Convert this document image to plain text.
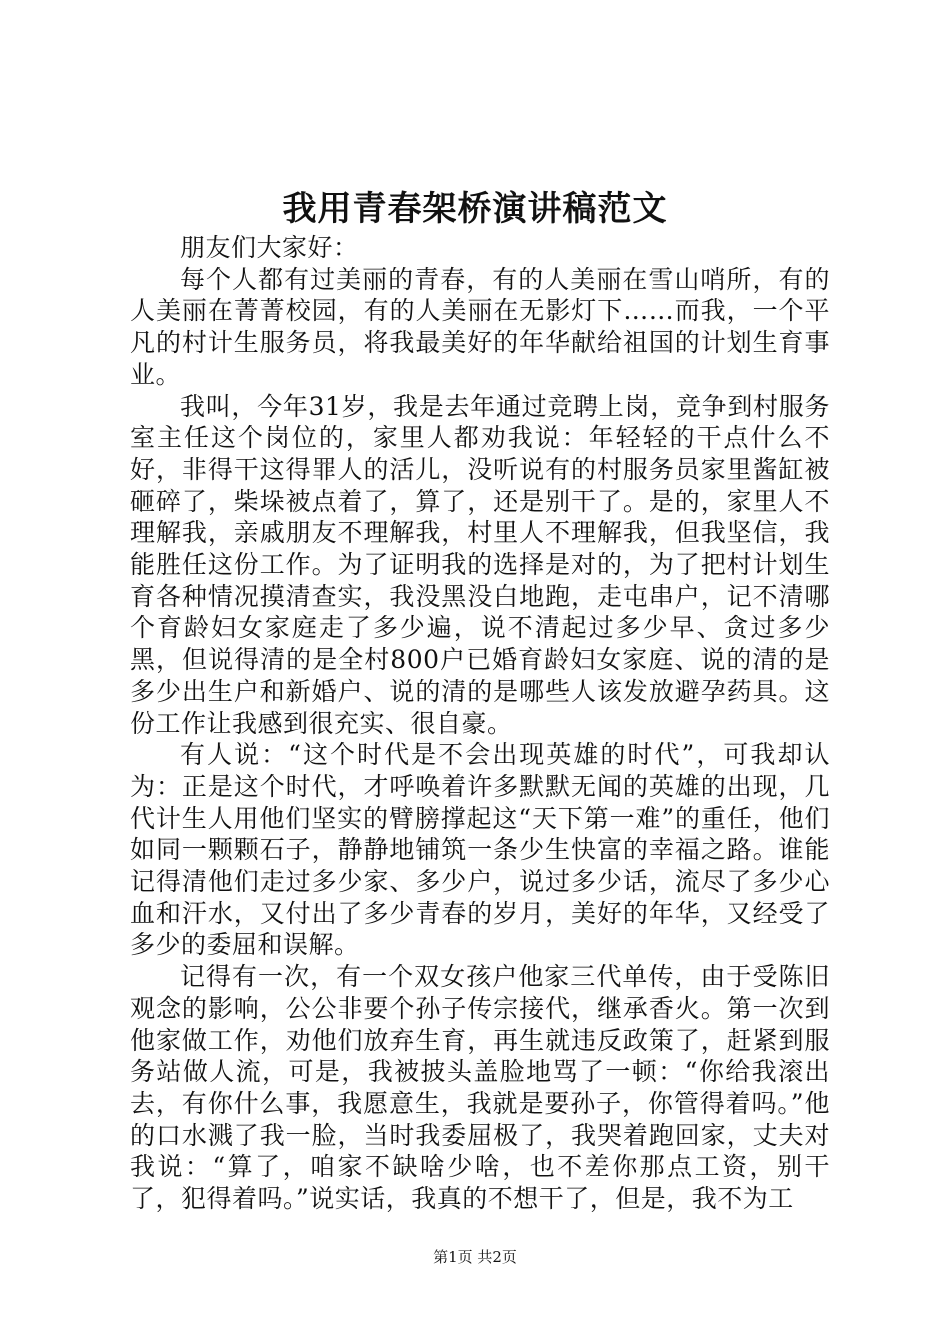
我用青春架桥演讲稿范文

朋友们大家好：

每个人都有过美丽的青春，有的人美丽在雪山哨所，有的人美丽在菁菁校园，有的人美丽在无影灯下……而我，一个平凡的村计生服务员，将我最美好的年华献给祖国的计划生育事业。

我叫，今年31岁，我是去年通过竞聘上岗，竞争到村服务室主任这个岗位的，家里人都劝我说：年轻轻的干点什么不好，非得干这得罪人的活儿，没听说有的村服务员家里酱缸被砸碎了，柴垛被点着了，算了，还是别干了。是的，家里人不理解我，亲戚朋友不理解我，村里人不理解我，但我坚信，我能胜任这份工作。为了证明我的选择是对的，为了把村计划生育各种情况摸清查实，我没黑没白地跑，走屯串户，记不清哪个育龄妇女家庭走了多少遍，说不清起过多少早、贪过多少黑，但说得清的是全村800户已婚育龄妇女家庭、说的清的是多少出生户和新婚户、说的清的是哪些人该发放避孕药具。这份工作让我感到很充实、很自豪。

有人说：“这个时代是不会出现英雄的时代”，可我却认为：正是这个时代，才呼唤着许多默默无闻的英雄的出现，几代计生人用他们坚实的臂膀撑起这“天下第一难”的重任，他们如同一颗颗石子，静静地铺筑一条少生快富的幸福之路。谁能记得清他们走过多少家、多少户，说过多少话，流尽了多少心血和汗水，又付出了多少青春的岁月，美好的年华，又经受了多少的委屈和误解。

记得有一次，有一个双女孩户他家三代单传，由于受陈旧观念的影响，公公非要个孙子传宗接代，继承香火。第一次到他家做工作，劝他们放弃生育，再生就违反政策了，赶紧到服务站做人流，可是，我被披头盖脸地骂了一顿：“你给我滚出去，有你什么事，我愿意生，我就是要孙子，你管得着吗。”他的口水溅了我一脸，当时我委屈极了，我哭着跑回家，丈夫对我说：“算了，咱家不缺啥少啥，也不差你那点工资，别干了，犯得着吗。”说实话，我真的不想干了，但是，我不为工

第1页 共2页
